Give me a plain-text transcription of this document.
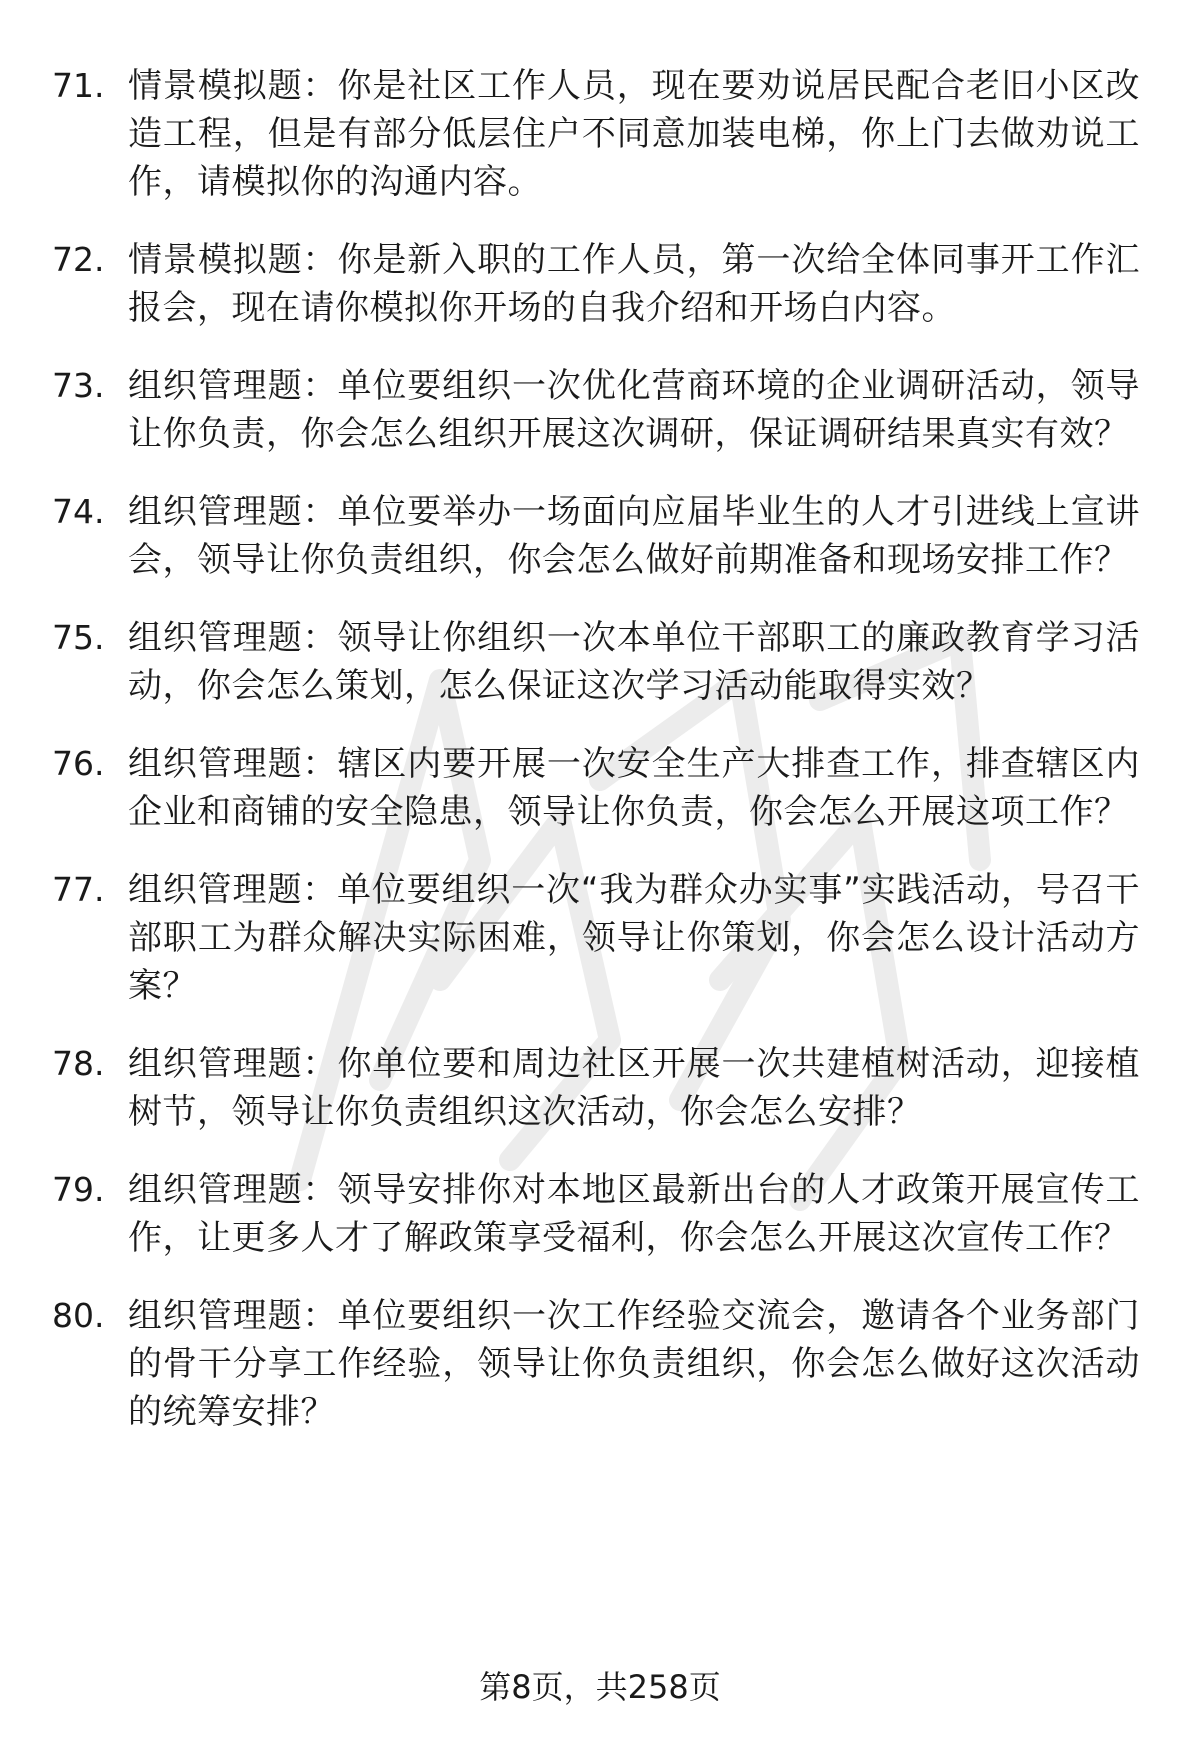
71. 情景模拟题：你是社区工作人员，现在要劝说居民配合老旧小区改造工程，但是有部分低层住户不同意加装电梯，你上门去做劝说工作，请模拟你的沟通内容。
72. 情景模拟题：你是新入职的工作人员，第一次给全体同事开工作汇报会，现在请你模拟你开场的自我介绍和开场白内容。
73. 组织管理题：单位要组织一次优化营商环境的企业调研活动，领导让你负责，你会怎么组织开展这次调研，保证调研结果真实有效？
74. 组织管理题：单位要举办一场面向应届毕业生的人才引进线上宣讲会，领导让你负责组织，你会怎么做好前期准备和现场安排工作？
75. 组织管理题：领导让你组织一次本单位干部职工的廉政教育学习活动，你会怎么策划，怎么保证这次学习活动能取得实效？
76. 组织管理题：辖区内要开展一次安全生产大排查工作，排查辖区内企业和商铺的安全隐患，领导让你负责，你会怎么开展这项工作？
77. 组织管理题：单位要组织一次“我为群众办实事”实践活动，号召干部职工为群众解决实际困难，领导让你策划，你会怎么设计活动方案？
78. 组织管理题：你单位要和周边社区开展一次共建植树活动，迎接植树节，领导让你负责组织这次活动，你会怎么安排？
79. 组织管理题：领导安排你对本地区最新出台的人才政策开展宣传工作，让更多人才了解政策享受福利，你会怎么开展这次宣传工作？
80. 组织管理题：单位要组织一次工作经验交流会，邀请各个业务部门的骨干分享工作经验，领导让你负责组织，你会怎么做好这次活动的统筹安排？
第8页，共258页
